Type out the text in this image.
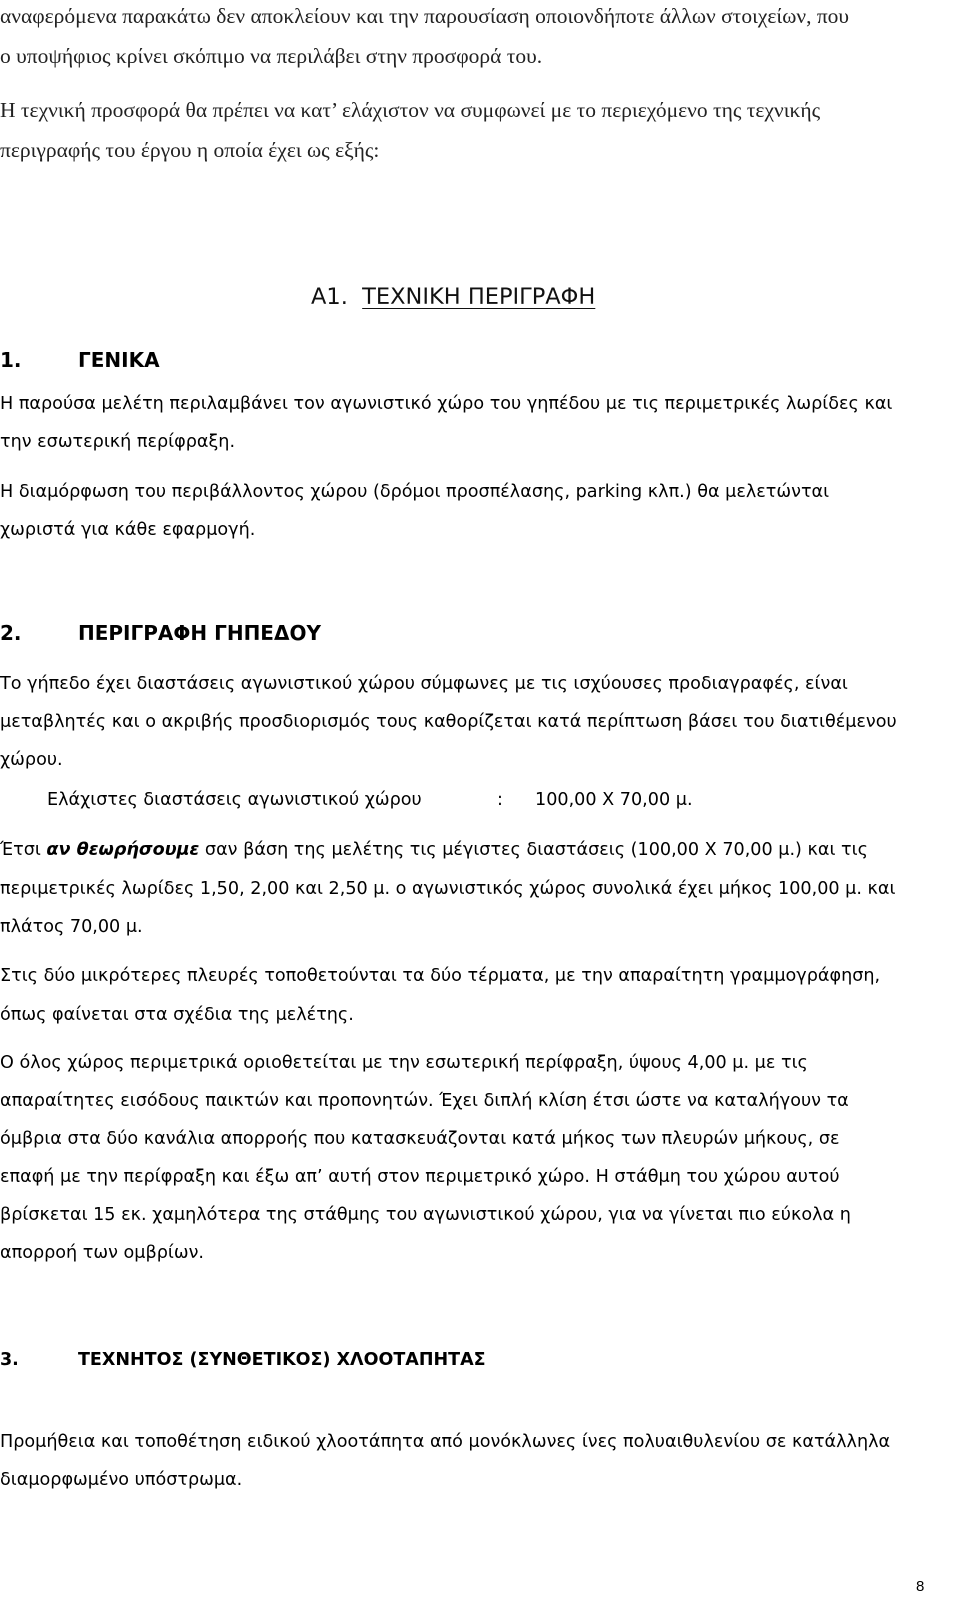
αναφερόμενα παρακάτω δεν αποκλείουν και την παρουσίαση οποιονδήποτε άλλων στοιχείων, που

ο υποψήφιος κρίνει σκόπιμο να περιλάβει στην προσφορά του.

Η τεχνική προσφορά θα πρέπει να κατ’ ελάχιστον να συμφωνεί με το περιεχόμενο της τεχνικής

περιγραφής του έργου η οποία έχει ως εξής:

Α1. ΤΕΧΝΙΚΗ ΠΕΡΙΓΡΑΦΗ
1.	ΓΕΝΙΚΑ

Η παρούσα μελέτη περιλαμβάνει τον αγωνιστικό χώρο του γηπέδου με τις περιμετρικές λωρίδες και

την εσωτερική περίφραξη.

Η διαμόρφωση του περιβάλλοντος χώρου (δρόμοι προσπέλασης, parking κλπ.) θα μελετώνται

χωριστά για κάθε εφαρμογή.

2.	ΠΕΡΙΓΡΑΦΗ ΓΗΠΕΔΟΥ

Το γήπεδο έχει διαστάσεις αγωνιστικού χώρου σύμφωνες με τις ισχύουσες προδιαγραφές, είναι

μεταβλητές και ο ακριβής προσδιορισμός τους καθορίζεται κατά περίπτωση βάσει του διατιθέμενου

χώρου.

Ελάχιστες διαστάσεις αγωνιστικού χώρου	: 100,00 Χ 70,00 μ.

Έτσι αν θεωρήσουμε σαν βάση της μελέτης τις μέγιστες διαστάσεις (100,00 Χ 70,00 μ.) και τις

περιμετρικές λωρίδες 1,50, 2,00 και 2,50 μ. ο αγωνιστικός χώρος συνολικά έχει μήκος 100,00 μ. και

πλάτος 70,00 μ.

Στις δύο μικρότερες πλευρές τοποθετούνται τα δύο τέρματα, με την απαραίτητη γραμμογράφηση,

όπως φαίνεται στα σχέδια της μελέτης.

Ο όλος χώρος περιμετρικά οριοθετείται με την εσωτερική περίφραξη, ύψους 4,00 μ. με τις

απαραίτητες εισόδους παικτών και προπονητών. Έχει διπλή κλίση έτσι ώστε να καταλήγουν τα

όμβρια στα δύο κανάλια απορροής που κατασκευάζονται κατά μήκος των πλευρών μήκους, σε

επαφή με την περίφραξη και έξω απ’ αυτή στον περιμετρικό χώρο. Η στάθμη του χώρου αυτού

βρίσκεται 15 εκ. χαμηλότερα της στάθμης του αγωνιστικού χώρου, για να γίνεται πιο εύκολα η

απορροή των ομβρίων.

3.	ΤΕΧΝΗΤΟΣ (ΣΥΝΘΕΤΙΚΟΣ) ΧΛΟΟΤΑΠΗΤΑΣ

Προμήθεια και τοποθέτηση ειδικού χλοοτάπητα από μονόκλωνες ίνες πολυαιθυλενίου σε κατάλληλα

διαμορφωμένο υπόστρωμα.

8
